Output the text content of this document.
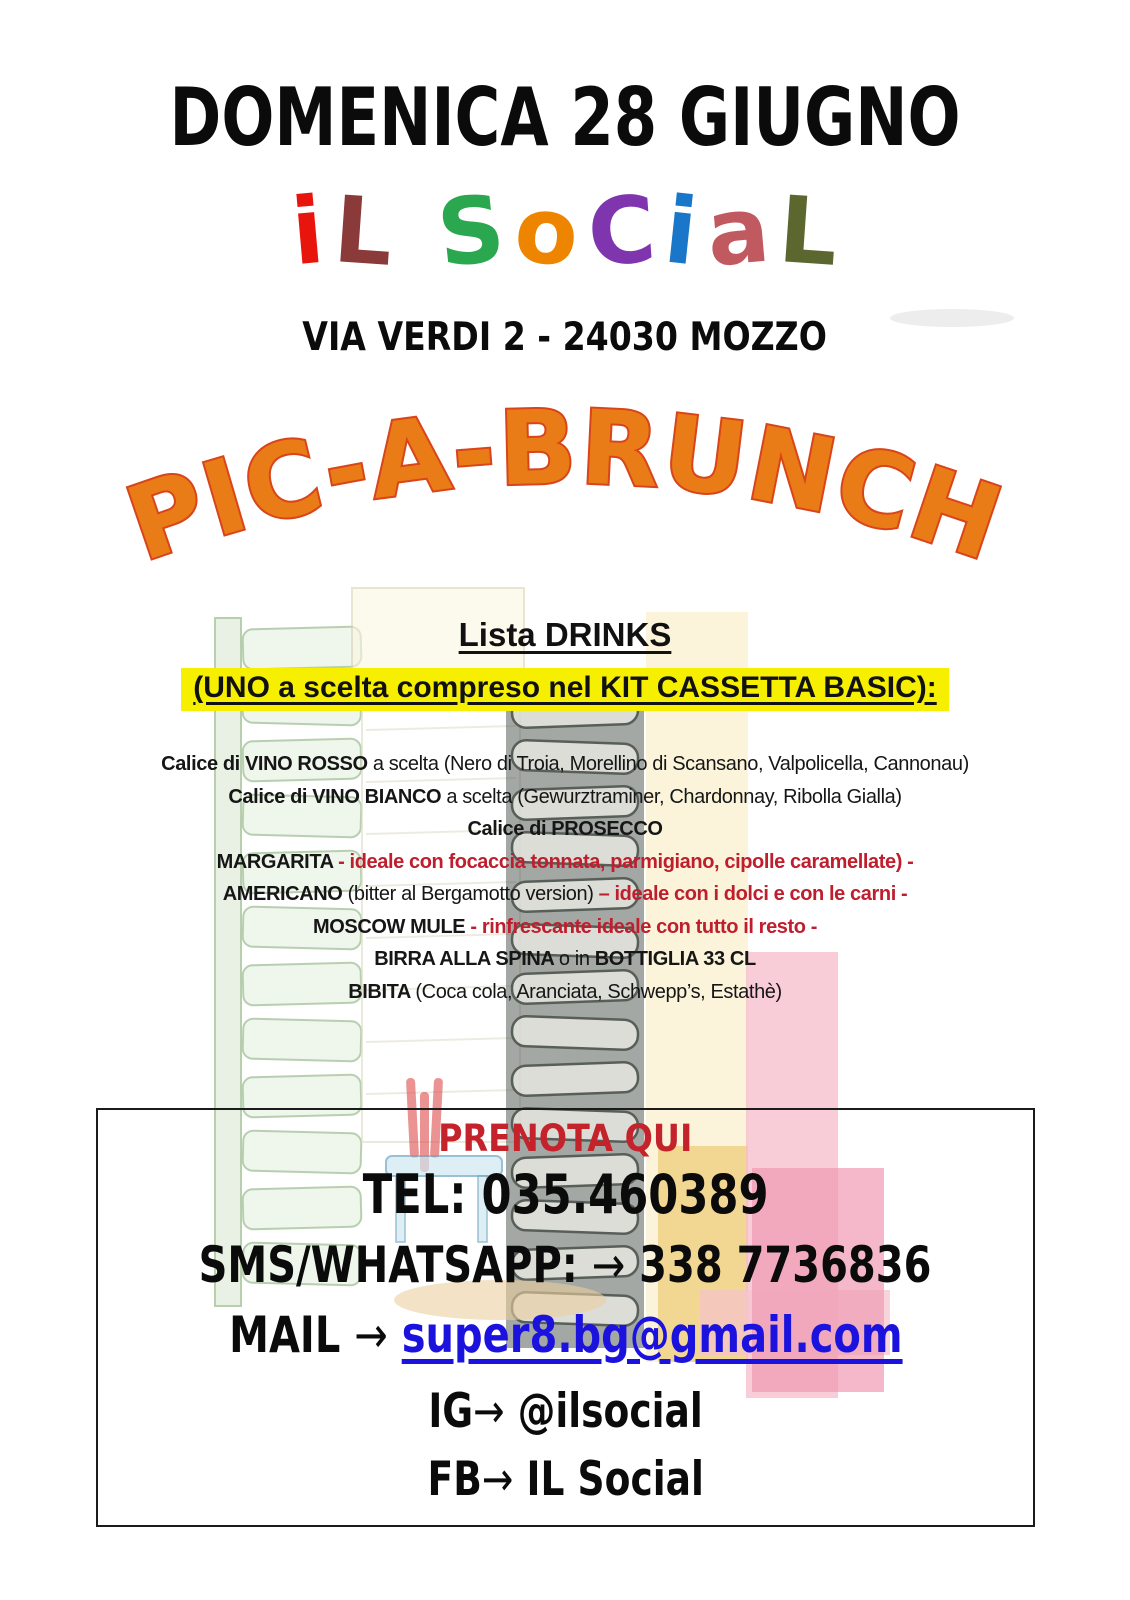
DOMENICA 28 GIUGNO
iL SoCiaL
VIA VERDI 2 - 24030 MOZZO
PIC-A-BRUNCH
Lista DRINKS
(UNO a scelta compreso nel KIT CASSETTA BASIC):
Calice di VINO ROSSO a scelta (Nero di Troia, Morellino di Scansano, Valpolicella, Cannonau)
Calice di VINO BIANCO a scelta (Gewurztraminer, Chardonnay, Ribolla Gialla)
Calice di PROSECCO
MARGARITA - ideale con focaccia tonnata, parmigiano, cipolle caramellate) -
AMERICANO (bitter al Bergamotto version) – ideale con i dolci e con le carni -
MOSCOW MULE - rinfrescante ideale con tutto il resto -
BIRRA ALLA SPINA o in BOTTIGLIA 33 CL
BIBITA (Coca cola, Aranciata, Schwepp’s, Estathè)
PRENOTA QUI
TEL: 035.460389
SMS/WHATSAPP: → 338 7736836
MAIL → super8.bg@gmail.com
IG→ @ilsocial
FB→ IL Social
